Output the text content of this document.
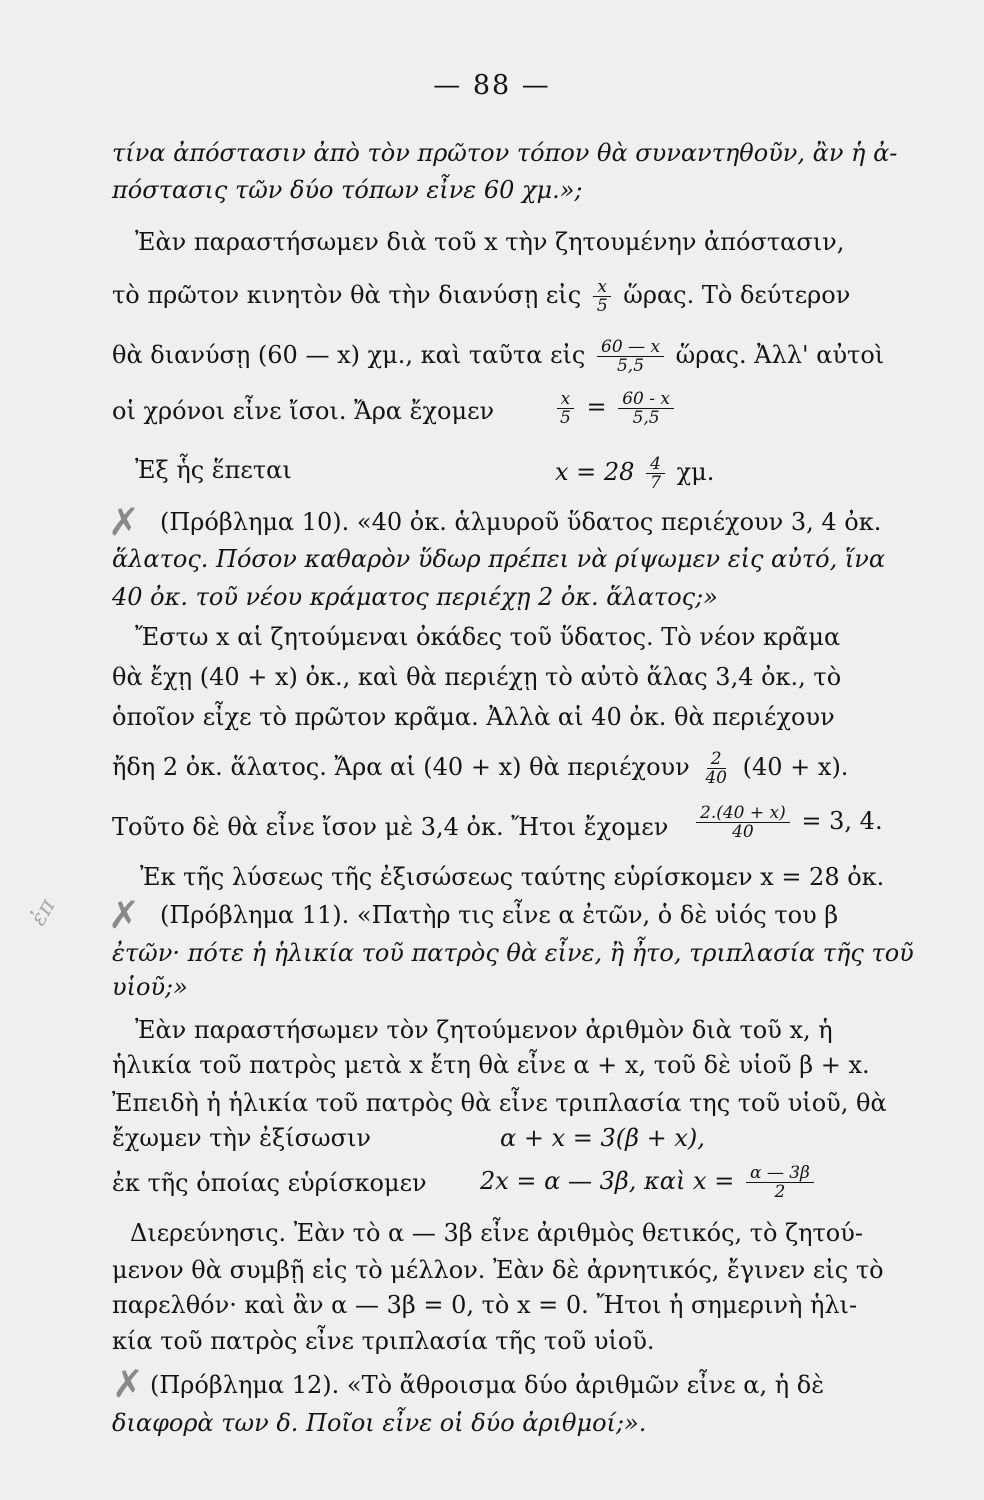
— 88 —
τίνα ἀπόστασιν ἀπὸ τὸν πρῶτον τόπον θὰ συναντηθοῦν, ἂν ἡ ἀ-
πόστασις τῶν δύο τόπων εἶνε 60 χμ.»;
Ἐὰν παραστήσωμεν διὰ τοῦ x τὴν ζητουμένην ἀπόστασιν,
τὸ πρῶτον κινητὸν θὰ τὴν διανύσῃ εἰς $\frac{x}{5}$ ὥρας. Τὸ δεύτερον
θὰ διανύσῃ (60 — x) χμ., καὶ ταῦτα εἰς $\frac{60 — x}{5,5}$ ὥρας. Ἀλλ' αὐτοὶ
οἱ χρόνοι εἶνε ἴσοι. Ἄρα ἔχομεν	$\frac{x}{5} = \frac{60 - x}{5,5}$
Ἐξ ἧς ἕπεται	$x = 28 \frac{4}{7} \chi\mu$.
✗ (Πρόβλημα 10). «40 ὀκ. ἁλμυροῦ ὕδατος περιέχουν 3, 4 ὀκ.
ἅλατος. Πόσον καθαρὸν ὕδωρ πρέπει νὰ ρίψωμεν εἰς αὐτό, ἵνα
40 ὀκ. τοῦ νέου κράματος περιέχῃ 2 ὀκ. ἅλατος;»
Ἔστω x αἱ ζητούμεναι ὀκάδες τοῦ ὕδατος. Τὸ νέον κρᾶμα
θὰ ἔχῃ (40 + x) ὀκ., καὶ θὰ περιέχῃ τὸ αὐτὸ ἅλας 3,4 ὀκ., τὸ
ὁποῖον εἶχε τὸ πρῶτον κρᾶμα. Ἀλλὰ αἱ 40 ὀκ. θὰ περιέχουν
ἤδη 2 ὀκ. ἅλατος. Ἄρα αἱ (40 + x) θὰ περιέχουν $\frac{2}{40} (40 + x)$.
Τοῦτο δὲ θὰ εἶνε ἴσον μὲ 3,4 ὀκ. Ἤτοι ἔχομεν $\frac{2.(40 + x)}{40} = 3$, 4.
Ἐκ τῆς λύσεως τῆς ἐξισώσεως ταύτης εὑρίσκομεν x = 28 ὀκ.
ἐπ ✗ (Πρόβλημα 11). «Πατὴρ τις εἶνε α ἐτῶν, ὁ δὲ υἱός του β
ἐτῶν· πότε ἡ ἡλικία τοῦ πατρὸς θὰ εἶνε, ἢ ἦτο, τριπλασία τῆς τοῦ
υἱοῦ;»
Ἐὰν παραστήσωμεν τὸν ζητούμενον ἀριθμὸν διὰ τοῦ x, ἡ
ἡλικία τοῦ πατρὸς μετὰ x ἔτη θὰ εἶνε α + x, τοῦ δὲ υἱοῦ β + x.
Ἐπειδὴ ἡ ἡλικία τοῦ πατρὸς θὰ εἶνε τριπλασία της τοῦ υἱοῦ, θὰ
ἔχωμεν τὴν ἐξίσωσιν	α + x = 3(β + x),
ἐκ τῆς ὁποίας εὑρίσκομεν 2x = α — 3β, καὶ $x = \frac{\alpha — 3\beta}{2}$
Διερεύνησις. Ἐὰν τὸ α — 3β εἶνε ἀριθμὸς θετικός, τὸ ζητού-
μενον θὰ συμβῇ εἰς τὸ μέλλον. Ἐὰν δὲ ἀρνητικός, ἔγινεν εἰς τὸ
παρελθόν· καὶ ἂν α — 3β = 0, τὸ x = 0. Ἤτοι ἡ σημερινὴ ἡλι-
κία τοῦ πατρὸς εἶνε τριπλασία τῆς τοῦ υἱοῦ.
✗ (Πρόβλημα 12). «Τὸ ἄθροισμα δύο ἀριθμῶν εἶνε α, ἡ δὲ
διαφορὰ των δ. Ποῖοι εἶνε οἱ δύο ἀριθμοί;».
